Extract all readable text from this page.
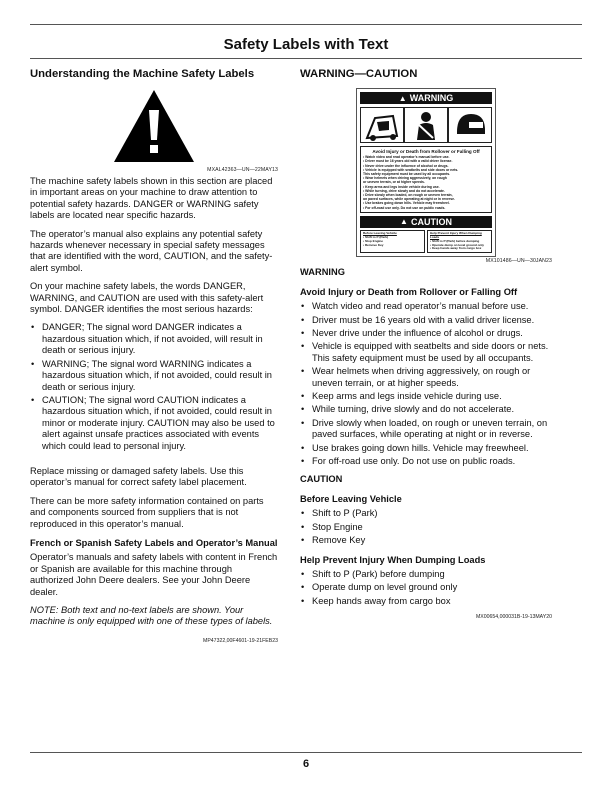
Safety Labels with Text
Understanding the Machine Safety Labels
MXAL42363—UN—22MAY13

The machine safety labels shown in this section are placed in important areas on your machine to draw attention to potential safety hazards. DANGER or WARNING safety labels are located near specific hazards.

The operator’s manual also explains any potential safety hazards whenever necessary in special safety messages that are identified with the word, CAUTION, and the safety-alert symbol.

On your machine safety labels, the words DANGER, WARNING, and CAUTION are used with this safety-alert symbol. DANGER identifies the most serious hazards:

• DANGER; The signal word DANGER indicates a hazardous situation which, if not avoided, will result in death or serious injury.
• WARNING; The signal word WARNING indicates a hazardous situation which, if not avoided, could result in death or serious injury.
• CAUTION; The signal word CAUTION indicates a hazardous situation which, if not avoided, could result in minor or moderate injury. CAUTION may also be used to alert against unsafe practices associated with events which could lead to personal injury.

Replace missing or damaged safety labels. Use this operator’s manual for correct safety label placement.

There can be more safety information contained on parts and components sourced from suppliers that is not reproduced in this operator’s manual.

French or Spanish Safety Labels and Operator’s Manual

Operator’s manuals and safety labels with content in French or Spanish are available for this machine through authorized John Deere dealers. See your John Deere dealer.

NOTE: Both text and no-text labels are shown. Your machine is only equipped with one of these types of labels.

MP47322,00F4601-19-21FEB23
WARNING—CAUTION
▲ WARNING
Avoid Injury or Death from Rollover or Falling Off
• Watch video and read operator’s manual before use.
• Driver must be 16 years old with a valid driver license.
• Never drive under the influence of alcohol or drugs.
• Vehicle is equipped with seatbelts and side doors or nets.
This safety equipment must be used by all occupants.
• Wear helmets when driving aggressively, on rough
or uneven terrain, or at higher speeds.
• Keep arms and legs inside vehicle during use.
• While turning, drive slowly and do not accelerate.
• Drive slowly when loaded, on rough or uneven terrain,
on paved surfaces, while operating at night or in reverse.
• Use brakes going down hills. Vehicle may freewheel.
• For off-road use only. Do not use on public roads.
▲ CAUTION
Before Leaving Vehicle
• Shift to P (Park)
• Stop Engine
• Remove Key
Help Prevent Injury When Dumping Loads
• Shift to P (Park) before dumping
• Operate dump on level ground only
• Keep hands away from cargo box
MX101486—UN—30JAN23
WARNING
Avoid Injury or Death from Rollover or Falling Off
• Watch video and read operator’s manual before use.
• Driver must be 16 years old with a valid driver license.
• Never drive under the influence of alcohol or drugs.
• Vehicle is equipped with seatbelts and side doors or nets. This safety equipment must be used by all occupants.
• Wear helmets when driving aggressively, on rough or uneven terrain, or at higher speeds.
• Keep arms and legs inside vehicle during use.
• While turning, drive slowly and do not accelerate.
• Drive slowly when loaded, on rough or uneven terrain, on paved surfaces, while operating at night or in reverse.
• Use brakes going down hills. Vehicle may freewheel.
• For off-road use only. Do not use on public roads.
CAUTION
Before Leaving Vehicle
• Shift to P (Park)
• Stop Engine
• Remove Key
Help Prevent Injury When Dumping Loads
• Shift to P (Park) before dumping
• Operate dump on level ground only
• Keep hands away from cargo box
MX00654,000031B-19-13MAY20
6
